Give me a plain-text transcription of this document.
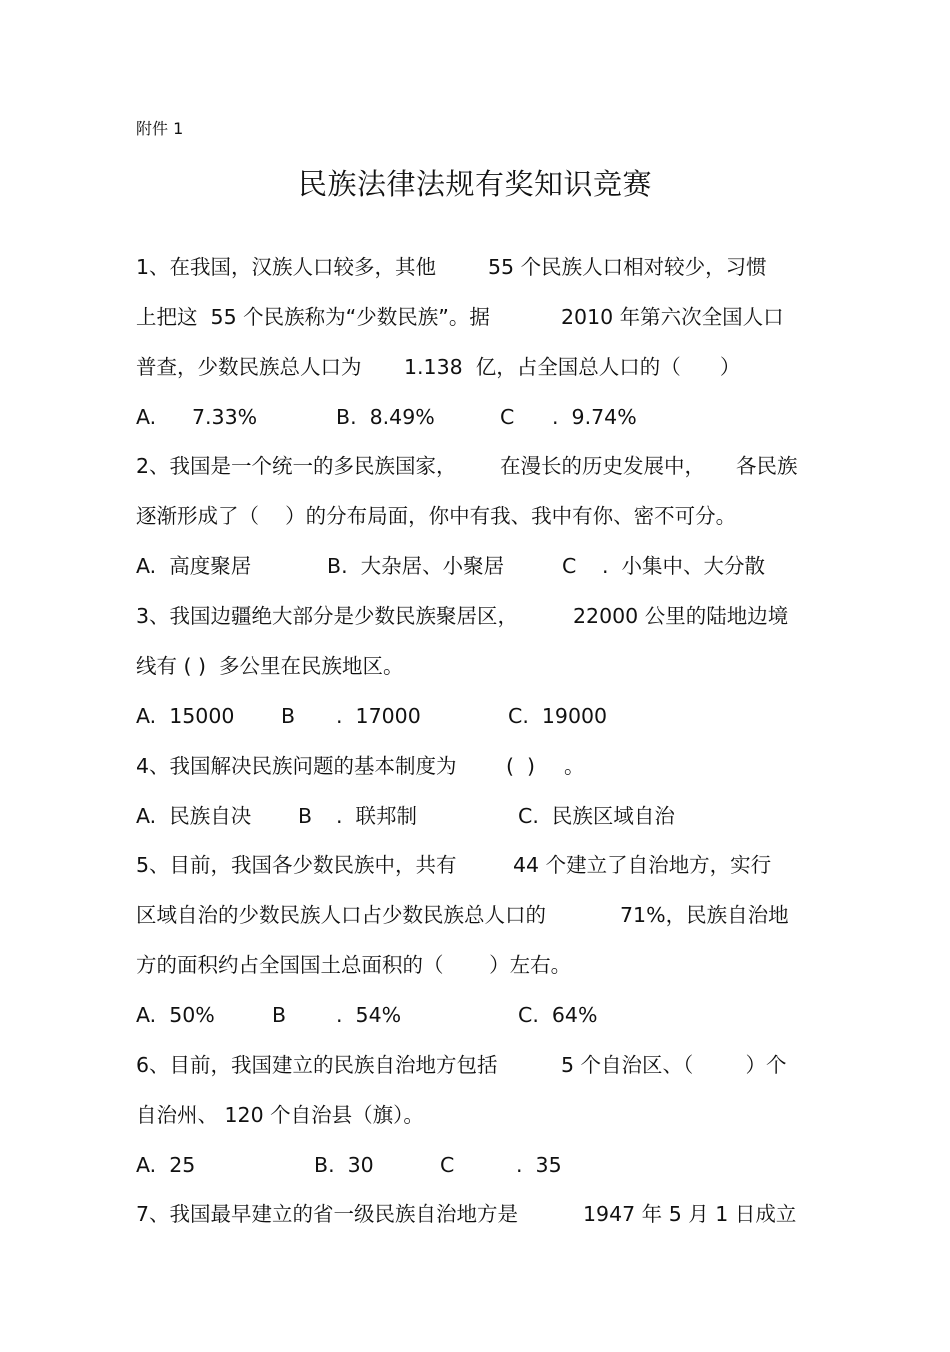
附件 1
民族法律法规有奖知识竞赛

1、在我国，汉族人口较多，其他

	55 个民族人口相对较少，习惯

上把这  55 个民族称为“少数民族”。据

	2010 年第六次全国人口

普查，少数民族总人口为

1.138  亿，占全国总人口的（      ）

A.

7.33%

	B.  8.49%

	C

.  9.74%

2、我国是一个统一的多民族国家，

在漫长的历史发展中，

各民族

逐渐形成了（    ）的分布局面，你中有我、我中有你、密不可分。

A.  高度聚居

	B.  大杂居、小聚居

	C

.  小集中、大分散

3、我国边疆绝大部分是少数民族聚居区，

	22000 公里的陆地边境

线有 ( )  多公里在民族地区。

A.  15000

B

.  17000

	C.  19000

4、我国解决民族问题的基本制度为

(  )

。

A.  民族自决

B

.  联邦制

	C.  民族区域自治

5、目前，我国各少数民族中，共有

	44 个建立了自治地方，实行

区域自治的少数民族人口占少数民族总人口的

	71%，民族自治地

方的面积约占全国国土总面积的（       ）左右。

A.  50%

	B

.  54%

	C.  64%

6、目前，我国建立的民族自治地方包括

	5 个自治区、（        ）个

自治州、 120 个自治县（旗）。

A.  25

	B.  30

	C

	.  35

7、我国最早建立的省一级民族自治地方是

	1947 年 5 月 1 日成立
